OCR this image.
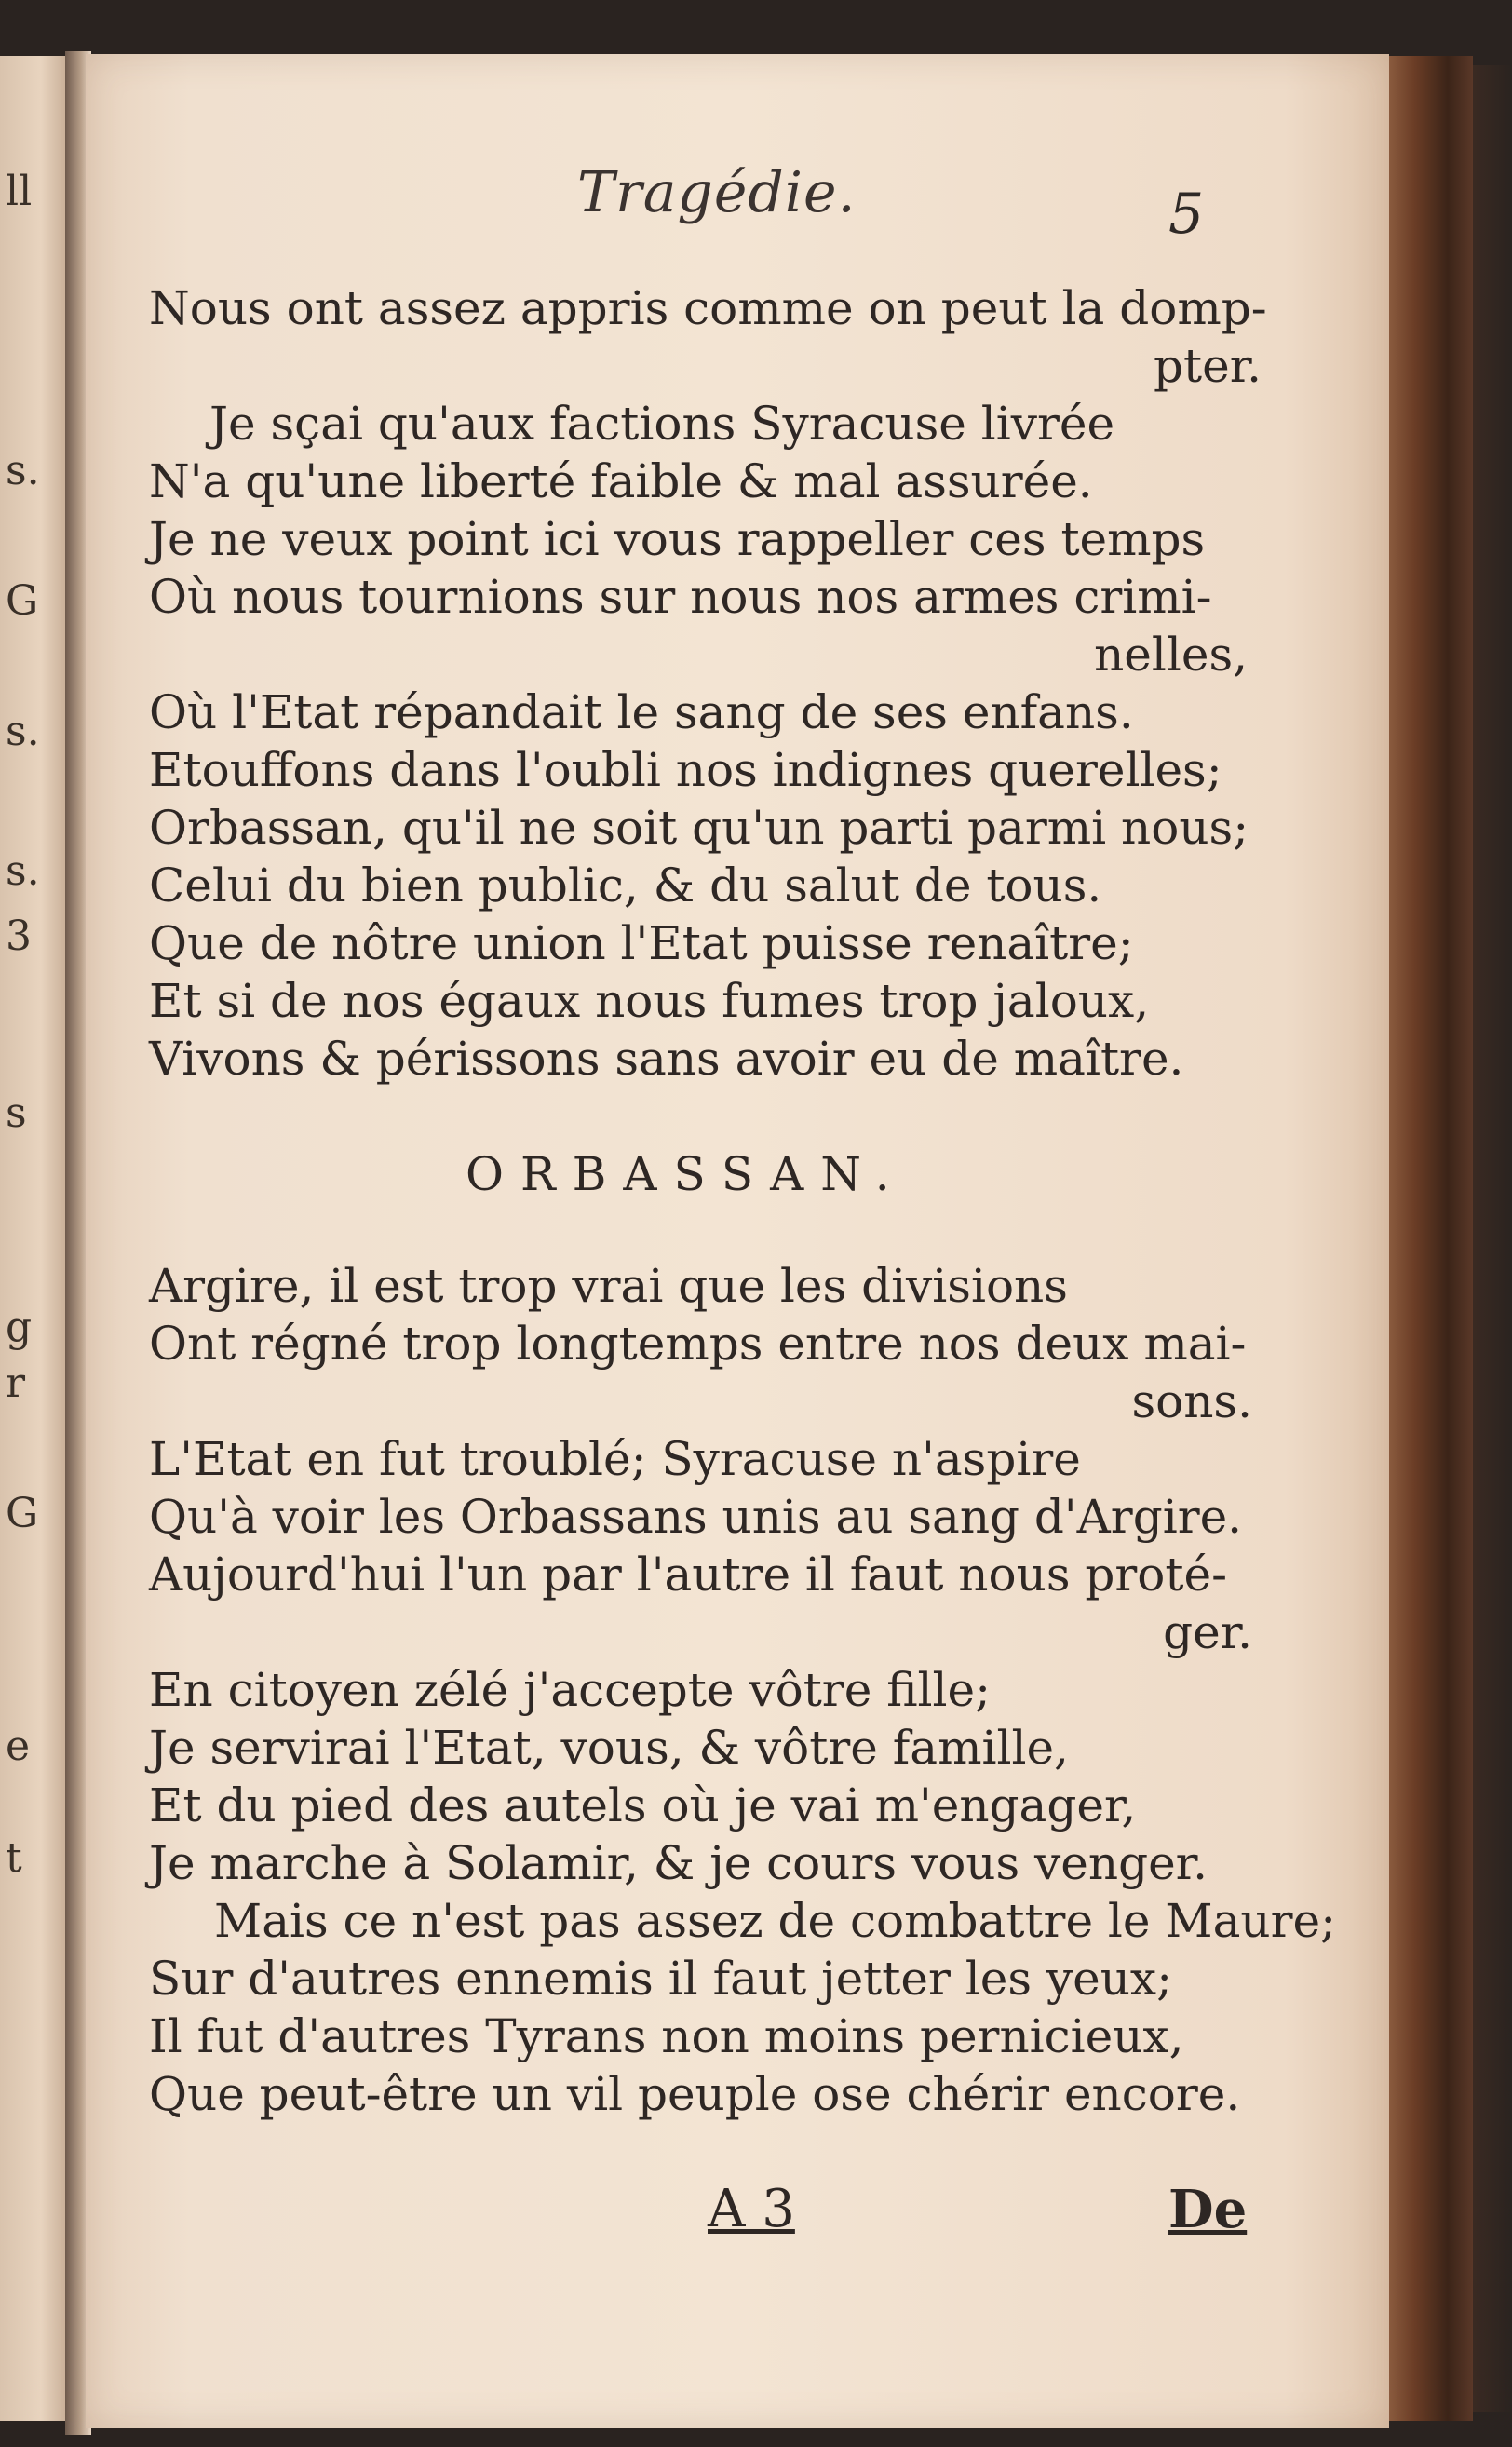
ll
s.
G
s.
s.
3
s
g
r
G
e
t
Tragédie.	5
Nous ont assez appris comme on peut la domp-
pter.
Je sçai qu'aux factions Syracuse livrée
N'a qu'une liberté faible & mal assurée.
Je ne veux point ici vous rappeller ces temps
Où nous tournions sur nous nos armes crimi-
nelles,
Où l'Etat répandait le sang de ses enfans.
Etouffons dans l'oubli nos indignes querelles;
Orbassan, qu'il ne soit qu'un parti parmi nous;
Celui du bien public, & du salut de tous.
Que de nôtre union l'Etat puisse renaître;
Et si de nos égaux nous fumes trop jaloux,
Vivons & périssons sans avoir eu de maître.
ORBASSAN.
Argire, il est trop vrai que les divisions
Ont régné trop longtemps entre nos deux mai-
sons.
L'Etat en fut troublé; Syracuse n'aspire
Qu'à voir les Orbassans unis au sang d'Argire.
Aujourd'hui l'un par l'autre il faut nous proté-
ger.
En citoyen zélé j'accepte vôtre fille;
Je servirai l'Etat, vous, & vôtre famille,
Et du pied des autels où je vai m'engager,
Je marche à Solamir, & je cours vous venger.
Mais ce n'est pas assez de combattre le Maure;
Sur d'autres ennemis il faut jetter les yeux;
Il fut d'autres Tyrans non moins pernicieux,
Que peut-être un vil peuple ose chérir encore.
A 3	De
